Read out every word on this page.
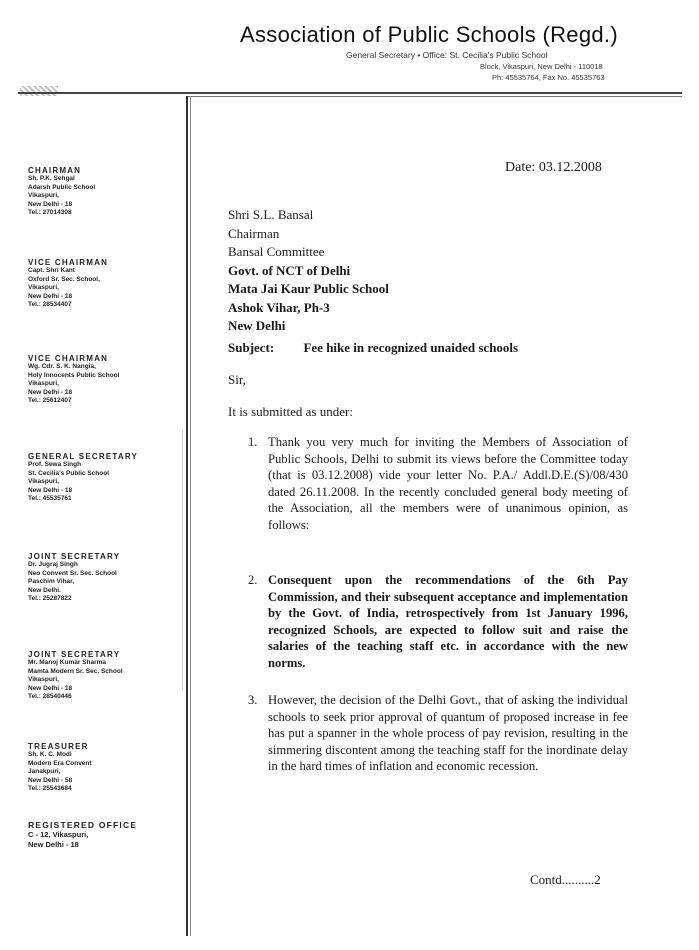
Association of Public Schools (Regd.)
General Secretary • Office: St. Cecilia's Public School
Block, Vikaspuri, New Delhi - 110018
Ph: 45535764, Fax No. 45535763
CHAIRMAN
Sh. P.K. Sehgal
Adarsh Public School
Vikaspuri,
New Delhi - 18
Tel.: 27014308
VICE CHAIRMAN
Capt. Shri Kant
Oxford Sr. Sec. School,
Vikaspuri,
New Delhi - 18
Tel.: 28534407
VICE CHAIRMAN
Wg. Cdr. S. K. Nangia,
Holy Innocents Public School
Vikaspuri,
New Delhi - 18
Tel.: 25612407
GENERAL SECRETARY
Prof. Sewa Singh
St. Cecilia's Public School
Vikaspuri,
New Delhi - 18
Tel.: 45535761
JOINT SECRETARY
Dr. Jugraj Singh
Neo Convent Sr. Sec. School
Paschim Vihar,
New Delhi.
Tel.: 25287822
JOINT SECRETARY
Mr. Manoj Kumar Sharma
Mamta Modern Sr. Sec. School
Vikaspuri,
New Delhi - 18
Tel.: 28540446
TREASURER
Sh. K. C. Modi
Modern Era Convent
Janakpuri,
New Delhi - 58
Tel.: 25543684
REGISTERED OFFICE
C - 12, Vikaspuri,
New Delhi - 18
Date: 03.12.2008
Shri S.L. Bansal
Chairman
Bansal Committee
Govt. of NCT of Delhi
Mata Jai Kaur Public School
Ashok Vihar, Ph-3
New Delhi
Subject: Fee hike in recognized unaided schools
Sir,
It is submitted as under:
1. Thank you very much for inviting the Members of Association of Public Schools, Delhi to submit its views before the Committee today (that is 03.12.2008) vide your letter No. P.A./ Addl.D.E.(S)/08/430 dated 26.11.2008. In the recently concluded general body meeting of the Association, all the members were of unanimous opinion, as follows:
2. Consequent upon the recommendations of the 6th Pay Commission, and their subsequent acceptance and implementation by the Govt. of India, retrospectively from 1st January 1996, recognized Schools, are expected to follow suit and raise the salaries of the teaching staff etc. in accordance with the new norms.
3. However, the decision of the Delhi Govt., that of asking the individual schools to seek prior approval of quantum of proposed increase in fee has put a spanner in the whole process of pay revision, resulting in the simmering discontent among the teaching staff for the inordinate delay in the hard times of inflation and economic recession.
Contd..........2
